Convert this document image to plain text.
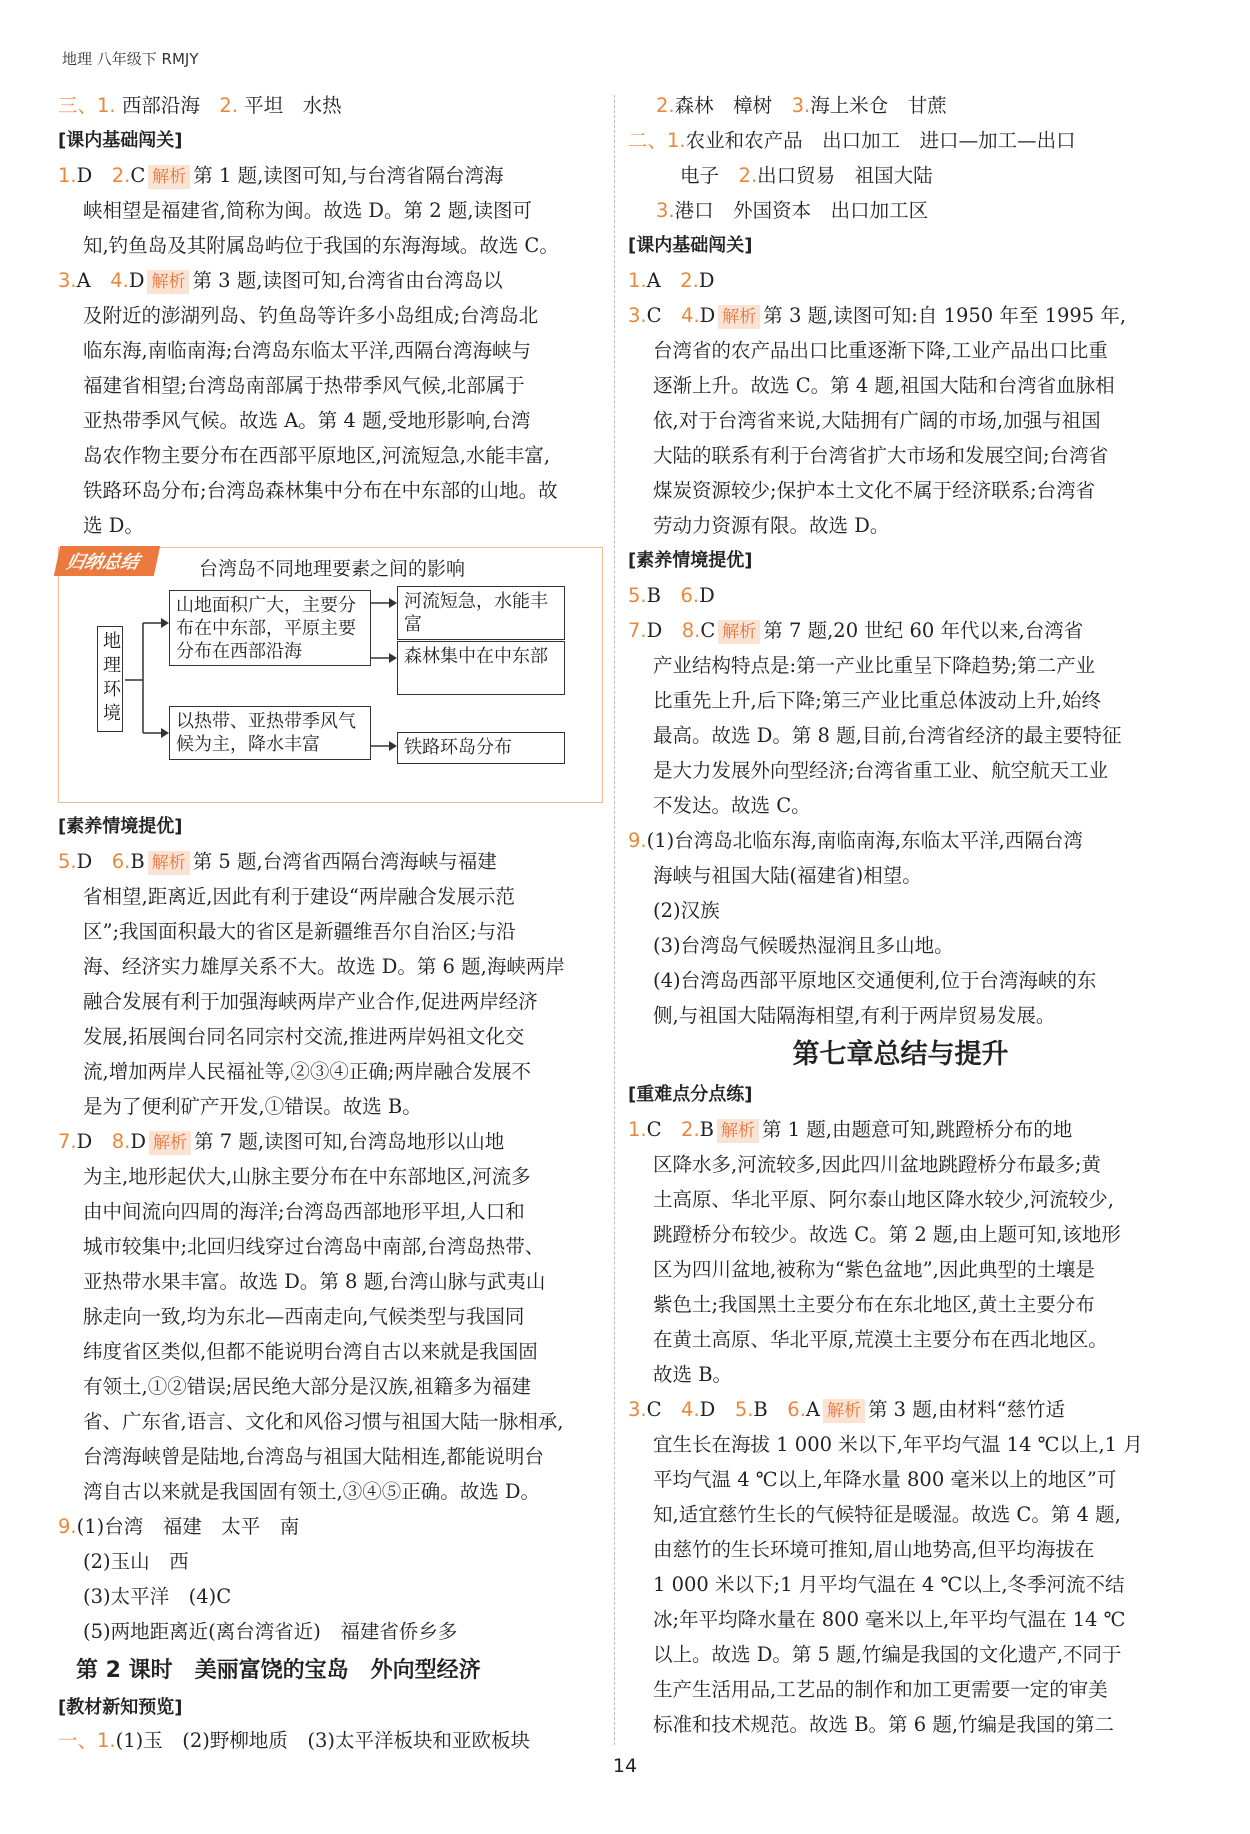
地理 八年级下 RMJY
三、1. 西部沿海　 2. 平坦　水热
[课内基础闯关]
1.D　 2.C 解析 第 1 题,读图可知,与台湾省隔台湾海
峡相望是福建省,简称为闽。故选 D。第 2 题,读图可
知,钓鱼岛及其附属岛屿位于我国的东海海域。故选 C。
3.A　 4.D 解析 第 3 题,读图可知,台湾省由台湾岛以
及附近的澎湖列岛、钓鱼岛等许多小岛组成;台湾岛北
临东海,南临南海;台湾岛东临太平洋,西隔台湾海峡与
福建省相望;台湾岛南部属于热带季风气候,北部属于
亚热带季风气候。故选 A。第 4 题,受地形影响,台湾
岛农作物主要分布在西部平原地区,河流短急,水能丰富,
铁路环岛分布;台湾岛森林集中分布在中东部的山地。故
选 D。
归纳总结	台湾岛不同地理要素之间的影响
地理环境
山地面积广大，主要分布在中东部，平原主要分布在西部沿海
以热带、亚热带季风气候为主，降水丰富
河流短急，水能丰富
森林集中在中东部
铁路环岛分布
[素养情境提优]
5.D　 6.B 解析 第 5 题,台湾省西隔台湾海峡与福建
省相望,距离近,因此有利于建设“两岸融合发展示范
区”;我国面积最大的省区是新疆维吾尔自治区;与沿
海、经济实力雄厚关系不大。故选 D。第 6 题,海峡两岸
融合发展有利于加强海峡两岸产业合作,促进两岸经济
发展,拓展闽台同名同宗村交流,推进两岸妈祖文化交
流,增加两岸人民福祉等,②③④正确;两岸融合发展不
是为了便利矿产开发,①错误。故选 B。
7.D　 8.D 解析 第 7 题,读图可知,台湾岛地形以山地
为主,地形起伏大,山脉主要分布在中东部地区,河流多
由中间流向四周的海洋;台湾岛西部地形平坦,人口和
城市较集中;北回归线穿过台湾岛中南部,台湾岛热带、
亚热带水果丰富。故选 D。第 8 题,台湾山脉与武夷山
脉走向一致,均为东北—西南走向,气候类型与我国同
纬度省区类似,但都不能说明台湾自古以来就是我国固
有领土,①②错误;居民绝大部分是汉族,祖籍多为福建
省、广东省,语言、文化和风俗习惯与祖国大陆一脉相承,
台湾海峡曾是陆地,台湾岛与祖国大陆相连,都能说明台
湾自古以来就是我国固有领土,③④⑤正确。故选 D。
9.(1)台湾　福建　太平　南
(2)玉山　西
(3)太平洋　(4)C
(5)两地距离近(离台湾省近)　福建省侨乡多
第 2 课时　美丽富饶的宝岛　外向型经济
[教材新知预览]
一、1.(1)玉　(2)野柳地质　(3)太平洋板块和亚欧板块
2.森林　樟树　 3.海上米仓　甘蔗
二、1.农业和农产品　出口加工　进口—加工—出口
电子　 2.出口贸易　祖国大陆
3.港口　外国资本　出口加工区
[课内基础闯关]
1.A　 2.D
3.C　 4.D 解析 第 3 题,读图可知:自 1950 年至 1995 年,
台湾省的农产品出口比重逐渐下降,工业产品出口比重
逐渐上升。故选 C。第 4 题,祖国大陆和台湾省血脉相
依,对于台湾省来说,大陆拥有广阔的市场,加强与祖国
大陆的联系有利于台湾省扩大市场和发展空间;台湾省
煤炭资源较少;保护本土文化不属于经济联系;台湾省
劳动力资源有限。故选 D。
[素养情境提优]
5.B　 6.D
7.D　 8.C 解析 第 7 题,20 世纪 60 年代以来,台湾省
产业结构特点是:第一产业比重呈下降趋势;第二产业
比重先上升,后下降;第三产业比重总体波动上升,始终
最高。故选 D。第 8 题,目前,台湾省经济的最主要特征
是大力发展外向型经济;台湾省重工业、航空航天工业
不发达。故选 C。
9.(1)台湾岛北临东海,南临南海,东临太平洋,西隔台湾
海峡与祖国大陆(福建省)相望。
(2)汉族
(3)台湾岛气候暖热湿润且多山地。
(4)台湾岛西部平原地区交通便利,位于台湾海峡的东
侧,与祖国大陆隔海相望,有利于两岸贸易发展。
第七章总结与提升
[重难点分点练]
1.C　 2.B 解析 第 1 题,由题意可知,跳蹬桥分布的地
区降水多,河流较多,因此四川盆地跳蹬桥分布最多;黄
土高原、华北平原、阿尔泰山地区降水较少,河流较少,
跳蹬桥分布较少。故选 C。第 2 题,由上题可知,该地形
区为四川盆地,被称为“紫色盆地”,因此典型的土壤是
紫色土;我国黑土主要分布在东北地区,黄土主要分布
在黄土高原、华北平原,荒漠土主要分布在西北地区。
故选 B。
3.C　 4.D　 5.B　 6.A 解析 第 3 题,由材料“慈竹适
宜生长在海拔 1 000 米以下,年平均气温 14 ℃以上,1 月
平均气温 4 ℃以上,年降水量 800 毫米以上的地区”可
知,适宜慈竹生长的气候特征是暖湿。故选 C。第 4 题,
由慈竹的生长环境可推知,眉山地势高,但平均海拔在
1 000 米以下;1 月平均气温在 4 ℃以上,冬季河流不结
冰;年平均降水量在 800 毫米以上,年平均气温在 14 ℃
以上。故选 D。第 5 题,竹编是我国的文化遗产,不同于
生产生活用品,工艺品的制作和加工更需要一定的审美
标准和技术规范。故选 B。第 6 题,竹编是我国的第二
14
